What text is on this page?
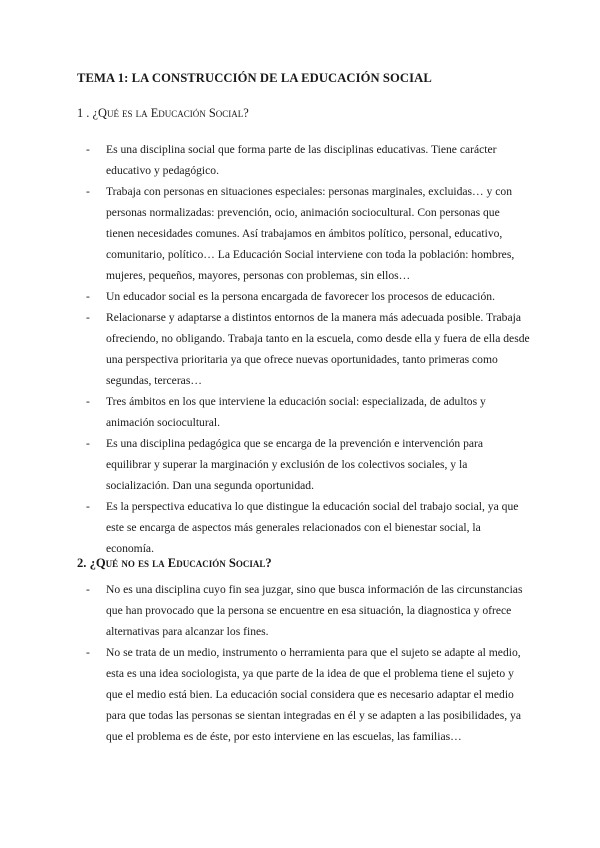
TEMA 1: LA CONSTRUCCIÓN DE LA EDUCACIÓN SOCIAL
1 . ¿Qué es la Educación Social?
- Es una disciplina social que forma parte de las disciplinas educativas. Tiene carácter educativo y pedagógico.
- Trabaja con personas en situaciones especiales: personas marginales, excluidas… y con personas normalizadas: prevención, ocio, animación sociocultural. Con personas que tienen necesidades comunes. Así trabajamos en ámbitos político, personal, educativo, comunitario, político… La Educación Social interviene con toda la población: hombres, mujeres, pequeños, mayores, personas con problemas, sin ellos…
- Un educador social es la persona encargada de favorecer los procesos de educación.
- Relacionarse y adaptarse a distintos entornos de la manera más adecuada posible. Trabaja ofreciendo, no obligando. Trabaja tanto en la escuela, como desde ella y fuera de ella desde una perspectiva prioritaria ya que ofrece nuevas oportunidades, tanto primeras como segundas, terceras…
- Tres ámbitos en los que interviene la educación social: especializada, de adultos y animación sociocultural.
- Es una disciplina pedagógica que se encarga de la prevención e intervención para equilibrar y superar la marginación y exclusión de los colectivos sociales, y la socialización. Dan una segunda oportunidad.
- Es la perspectiva educativa lo que distingue la educación social del trabajo social, ya que este se encarga de aspectos más generales relacionados con el bienestar social, la economía.
2. ¿Qué no es la Educación Social?
- No es una disciplina cuyo fin sea juzgar, sino que busca información de las circunstancias que han provocado que la persona se encuentre en esa situación, la diagnostica y ofrece alternativas para alcanzar los fines.
- No se trata de un medio, instrumento o herramienta para que el sujeto se adapte al medio, esta es una idea sociologista, ya que parte de la idea de que el problema tiene el sujeto y que el medio está bien. La educación social considera que es necesario adaptar el medio para que todas las personas se sientan integradas en él y se adapten a las posibilidades, ya que el problema es de éste, por esto interviene en las escuelas, las familias…
